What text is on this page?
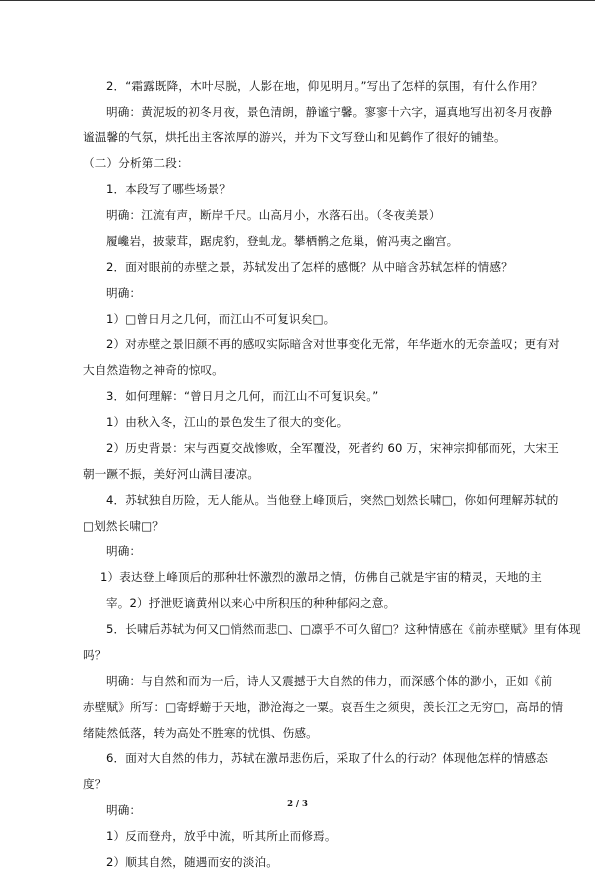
2．“霜露既降，木叶尽脱，人影在地，仰见明月。”写出了怎样的氛围，有什么作用？

明确：黄泥坂的初冬月夜，景色清朗，静谧宁馨。寥寥十六字，逼真地写出初冬月夜静

谧温馨的气氛，烘托出主客浓厚的游兴，并为下文写登山和见鹤作了很好的铺垫。

（二）分析第二段：

1．本段写了哪些场景？

明确：江流有声，断岸千尺。山高月小，水落石出。（冬夜美景）

履巉岩，披蒙茸，踞虎豹，登虬龙。攀栖鹘之危巢，俯冯夷之幽宫。

2．面对眼前的赤壁之景，苏轼发出了怎样的感慨？从中暗含苏轼怎样的情感？

明确：

1）□曾日月之几何，而江山不可复识矣□。

2）对赤壁之景旧颜不再的感叹实际暗含对世事变化无常，年华逝水的无奈盖叹；更有对

大自然造物之神奇的惊叹。

3．如何理解：“曾日月之几何，而江山不可复识矣。”

1）由秋入冬，江山的景色发生了很大的变化。

2）历史背景：宋与西夏交战惨败，全军覆没，死者约 60 万，宋神宗抑郁而死，大宋王

朝一蹶不振，美好河山满目凄凉。

4．苏轼独自历险，无人能从。当他登上峰顶后，突然□划然长啸□，你如何理解苏轼的

□划然长啸□？

明确：

1）表达登上峰顶后的那种壮怀激烈的激昂之情，仿佛自己就是宇宙的精灵，天地的主

宰。2）抒泄贬谪黄州以来心中所积压的种种郁闷之意。

5．长啸后苏轼为何又□悄然而悲□、□凛乎不可久留□？这种情感在《前赤壁赋》里有体现

吗？

明确：与自然和而为一后，诗人又震撼于大自然的伟力，而深感个体的渺小，正如《前

赤壁赋》所写：□寄蜉蝣于天地，渺沧海之一粟。哀吾生之须臾，羡长江之无穷□，高昂的情

绪陡然低落，转为高处不胜寒的忧惧、伤感。

6．面对大自然的伟力，苏轼在激昂悲伤后，采取了什么的行动？体现他怎样的情感态

度？

明确：

1）反而登舟，放乎中流，听其所止而修焉。

2）顺其自然，随遇而安的淡泊。

2 / 3
